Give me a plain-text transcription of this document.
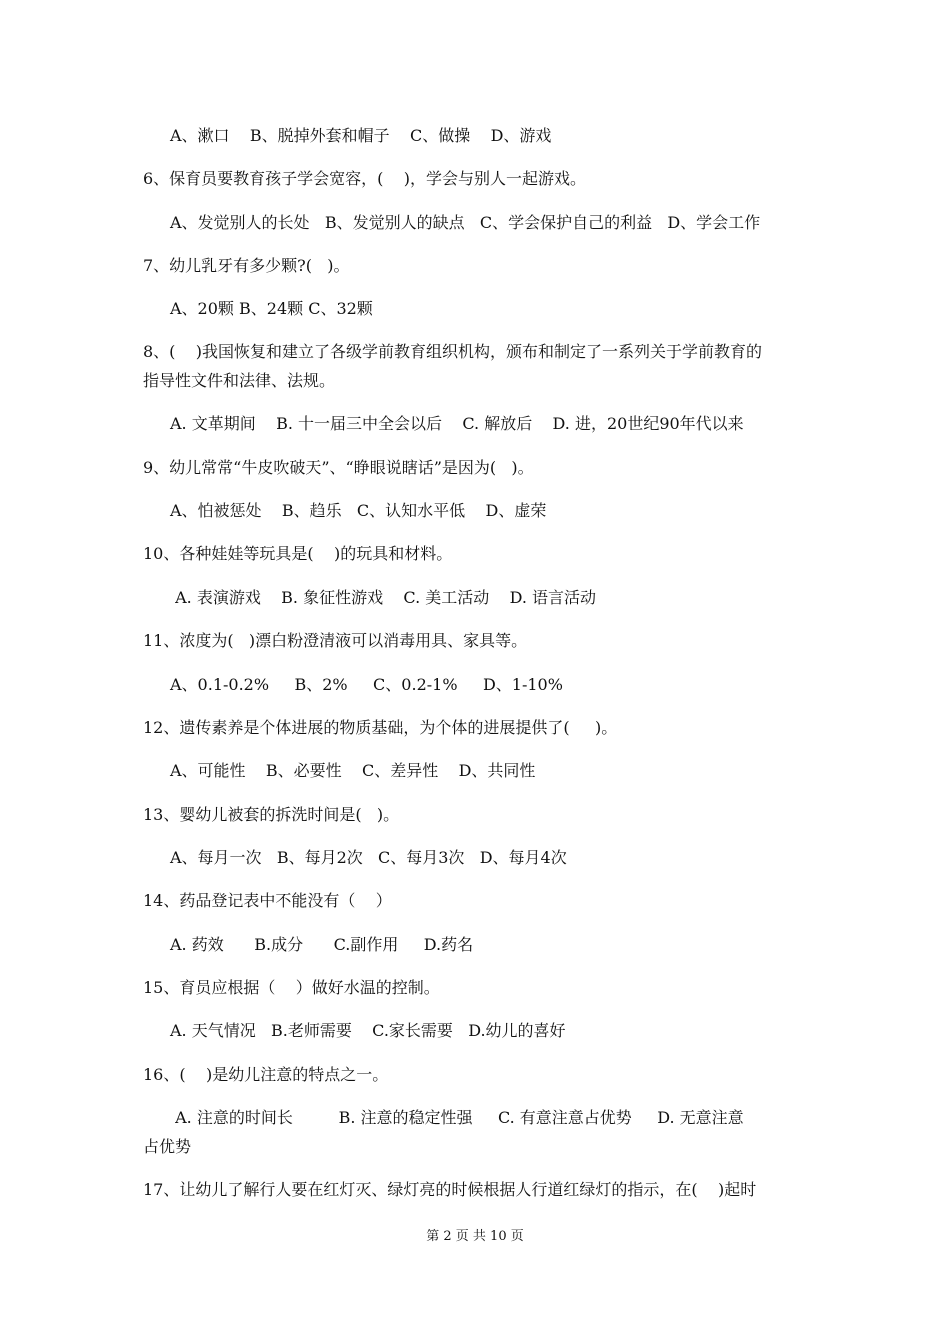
A、漱口    B、脱掉外套和帽子    C、做操    D、游戏
6、保育员要教育孩子学会宽容，(    )，学会与别人一起游戏。
A、发觉别人的长处   B、发觉别人的缺点   C、学会保护自己的利益   D、学会工作
7、幼儿乳牙有多少颗?(   )。
A、20颗 B、24颗 C、32颗
8、(    )我国恢复和建立了各级学前教育组织机构，颁布和制定了一系列关于学前教育的
指导性文件和法律、法规。
A. 文革期间    B. 十一届三中全会以后    C. 解放后    D. 进，20世纪90年代以来
9、幼儿常常“牛皮吹破天”、“睁眼说瞎话”是因为(   )。
A、怕被惩处    B、趋乐   C、认知水平低    D、虚荣
10、各种娃娃等玩具是(    )的玩具和材料。
A. 表演游戏    B. 象征性游戏    C. 美工活动    D. 语言活动
11、浓度为(   )漂白粉澄清液可以消毒用具、家具等。
A、0.1-0.2%     B、2%     C、0.2-1%     D、1-10%
12、遗传素养是个体进展的物质基础，为个体的进展提供了(     )。
A、可能性    B、必要性    C、差异性    D、共同性
13、婴幼儿被套的拆洗时间是(   )。
A、每月一次   B、每月2次   C、每月3次   D、每月4次
14、药品登记表中不能没有（    ）
A. 药效      B.成分      C.副作用     D.药名
15、育员应根据（    ）做好水温的控制。
A. 天气情况   B.老师需要    C.家长需要   D.幼儿的喜好
16、(    )是幼儿注意的特点之一。
A. 注意的时间长         B. 注意的稳定性强     C. 有意注意占优势     D. 无意注意
占优势
17、让幼儿了解行人要在红灯灭、绿灯亮的时候根据人行道红绿灯的指示，在(    )起时
第 2 页 共 10 页
